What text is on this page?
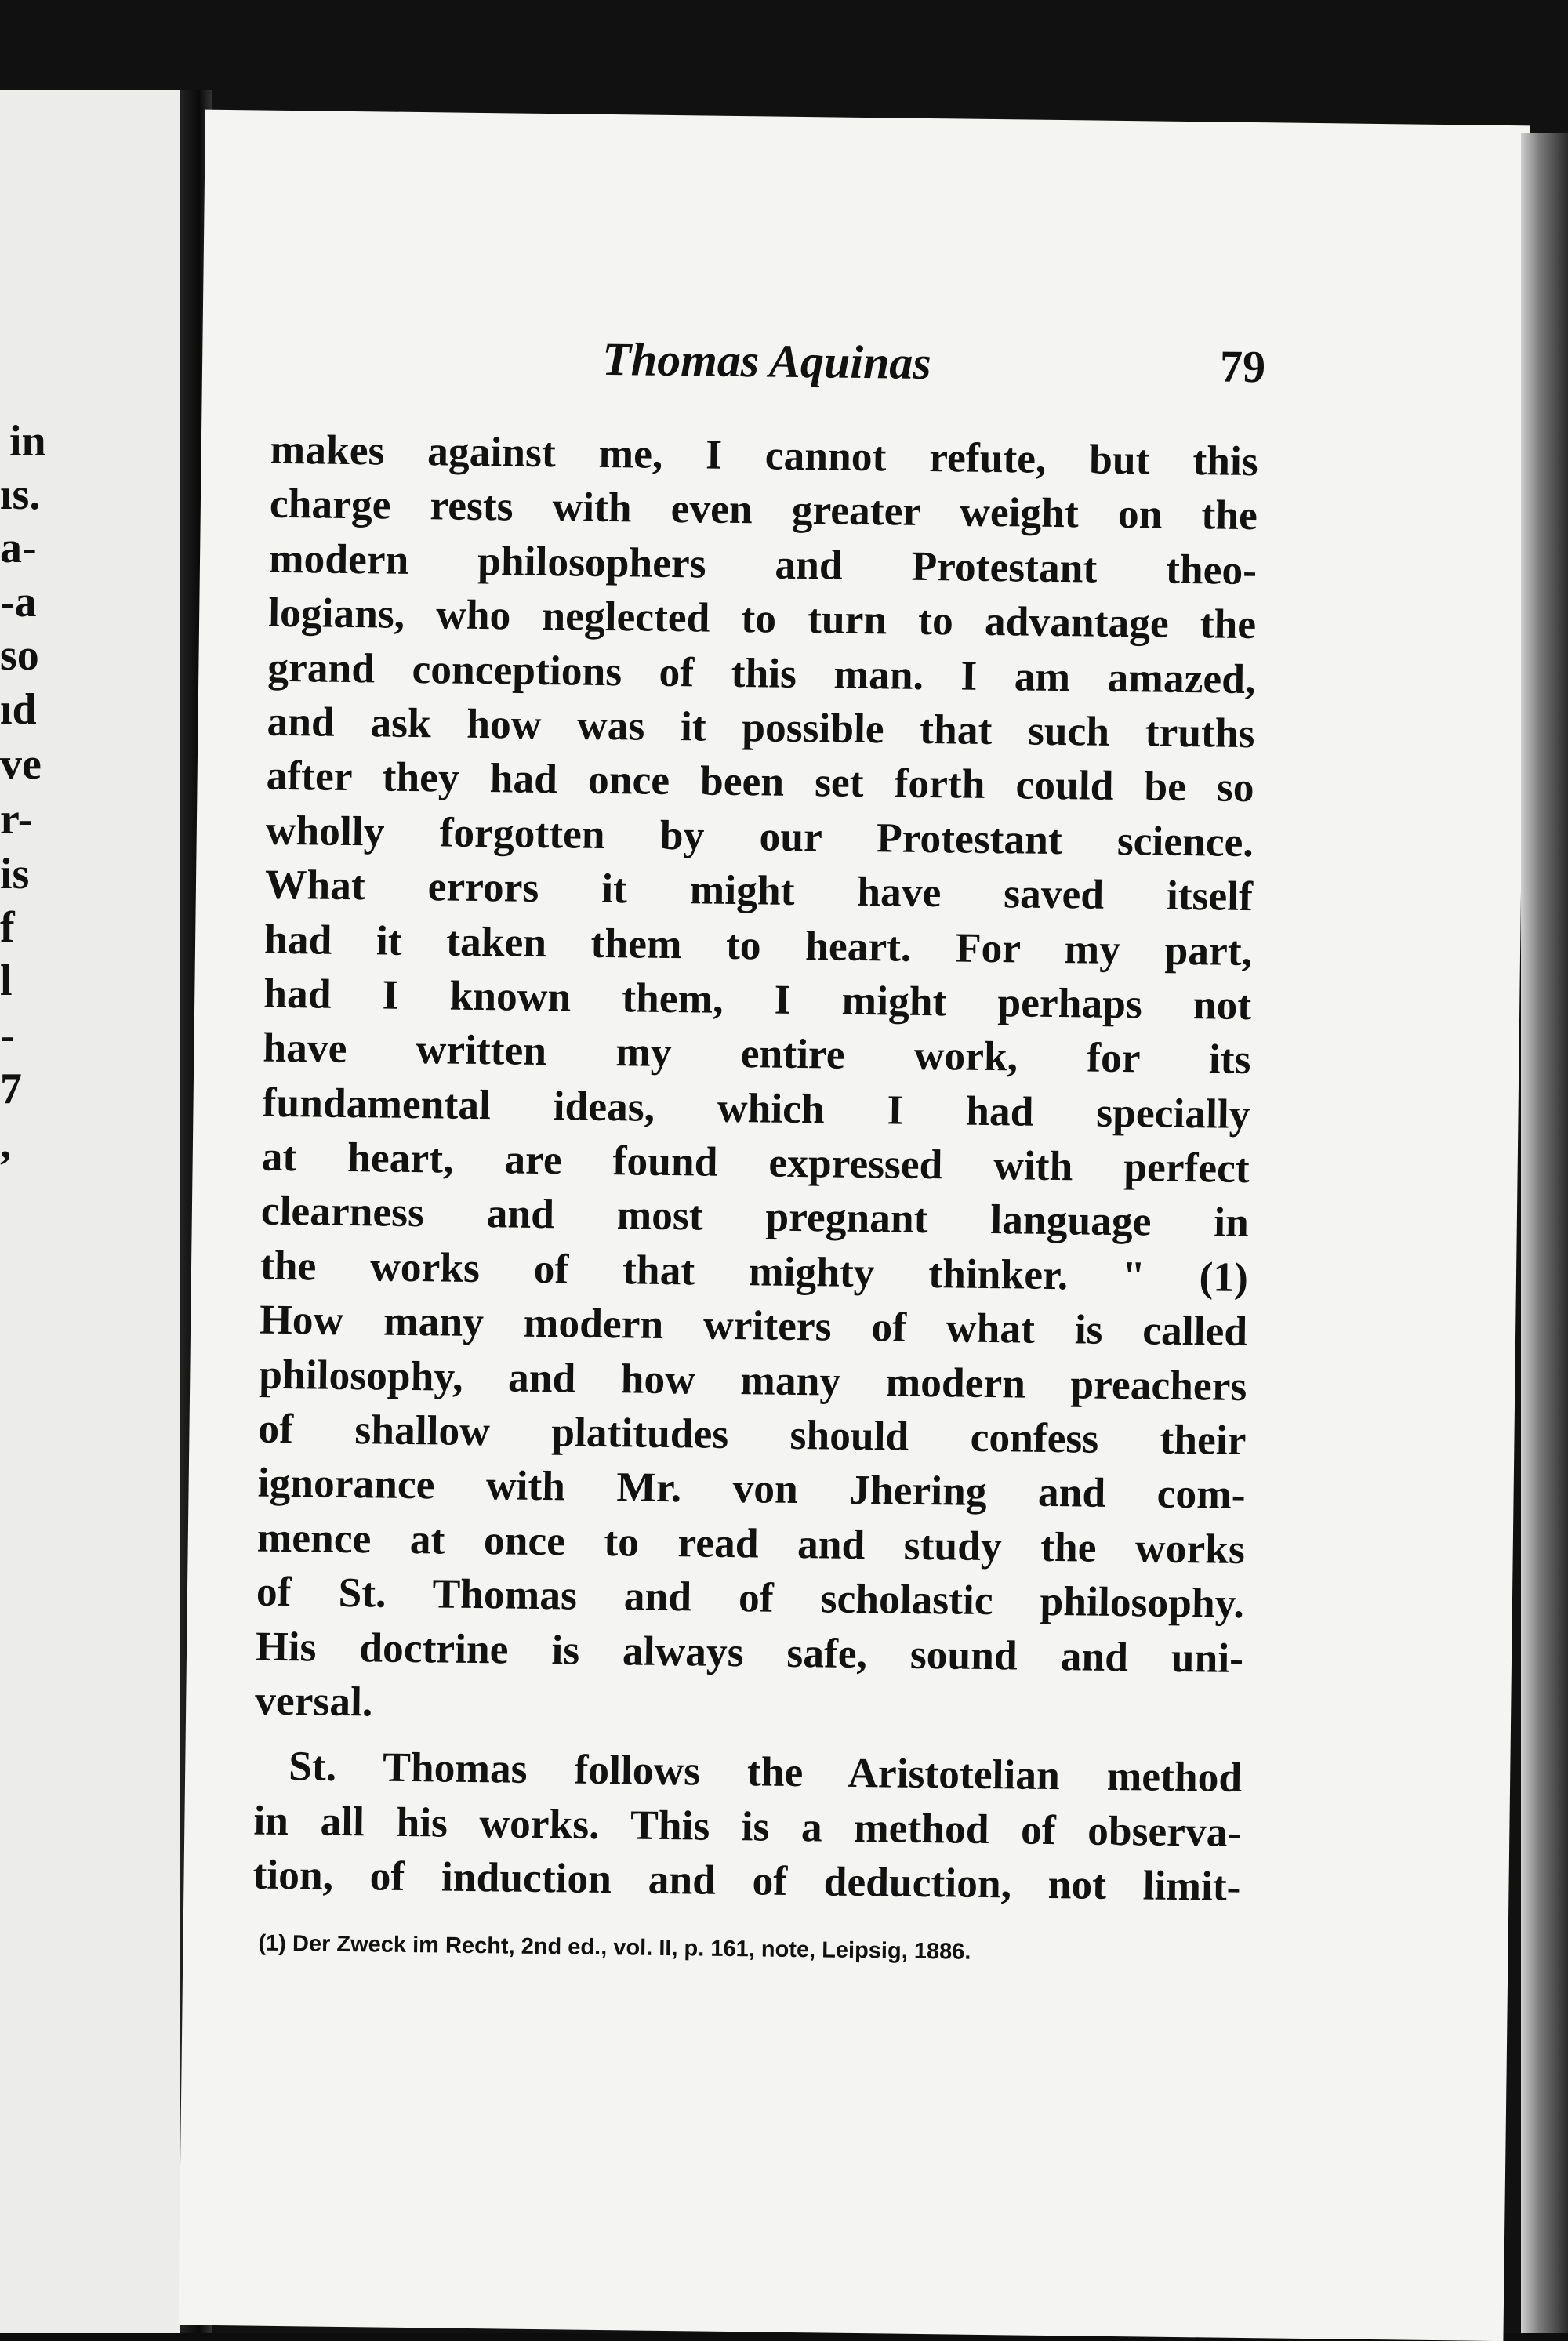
in
ıs.
a-
-a
so
ıd
ve
r-
is
f
l
-
7
,
Thomas Aquinas	79
makes against me, I cannot refute, but this
charge rests with even greater weight on the
modern philosophers and Protestant theo-
logians, who neglected to turn to advantage the
grand conceptions of this man. I am amazed,
and ask how was it possible that such truths
after they had once been set forth could be so
wholly forgotten by our Protestant science.
What errors it might have saved itself
had it taken them to heart. For my part,
had I known them, I might perhaps not
have written my entire work, for its
fundamental ideas, which I had specially
at heart, are found expressed with perfect
clearness and most pregnant language in
the works of that mighty thinker. " (1)
How many modern writers of what is called
philosophy, and how many modern preachers
of shallow platitudes should confess their
ignorance with Mr. von Jhering and com-
mence at once to read and study the works
of St. Thomas and of scholastic philosophy.
His doctrine is always safe, sound and uni-
versal.
St. Thomas follows the Aristotelian method
in all his works. This is a method of observa-
tion, of induction and of deduction, not limit-
(1) Der Zweck im Recht, 2nd ed., vol. II, p. 161, note, Leipsig, 1886.
